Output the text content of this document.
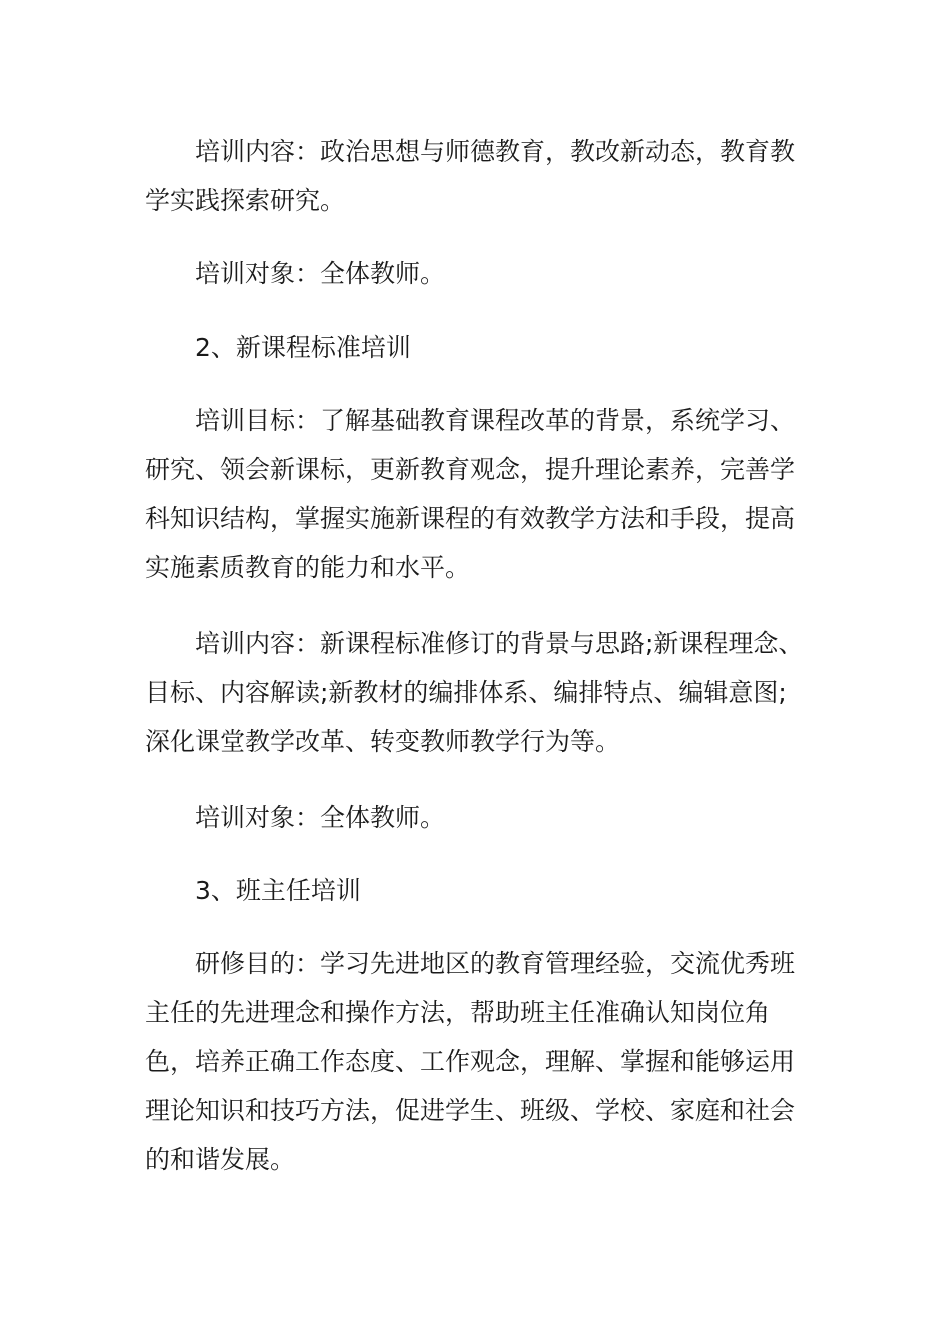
培训内容：政治思想与师德教育，教改新动态，教育教学实践探索研究。

培训对象：全体教师。

2、新课程标准培训

培训目标：了解基础教育课程改革的背景，系统学习、研究、领会新课标，更新教育观念，提升理论素养，完善学科知识结构，掌握实施新课程的有效教学方法和手段，提高实施素质教育的能力和水平。

培训内容：新课程标准修订的背景与思路;新课程理念、目标、内容解读;新教材的编排体系、编排特点、编辑意图;深化课堂教学改革、转变教师教学行为等。

培训对象：全体教师。

3、班主任培训

研修目的：学习先进地区的教育管理经验，交流优秀班主任的先进理念和操作方法，帮助班主任准确认知岗位角色，培养正确工作态度、工作观念，理解、掌握和能够运用理论知识和技巧方法，促进学生、班级、学校、家庭和社会的和谐发展。
